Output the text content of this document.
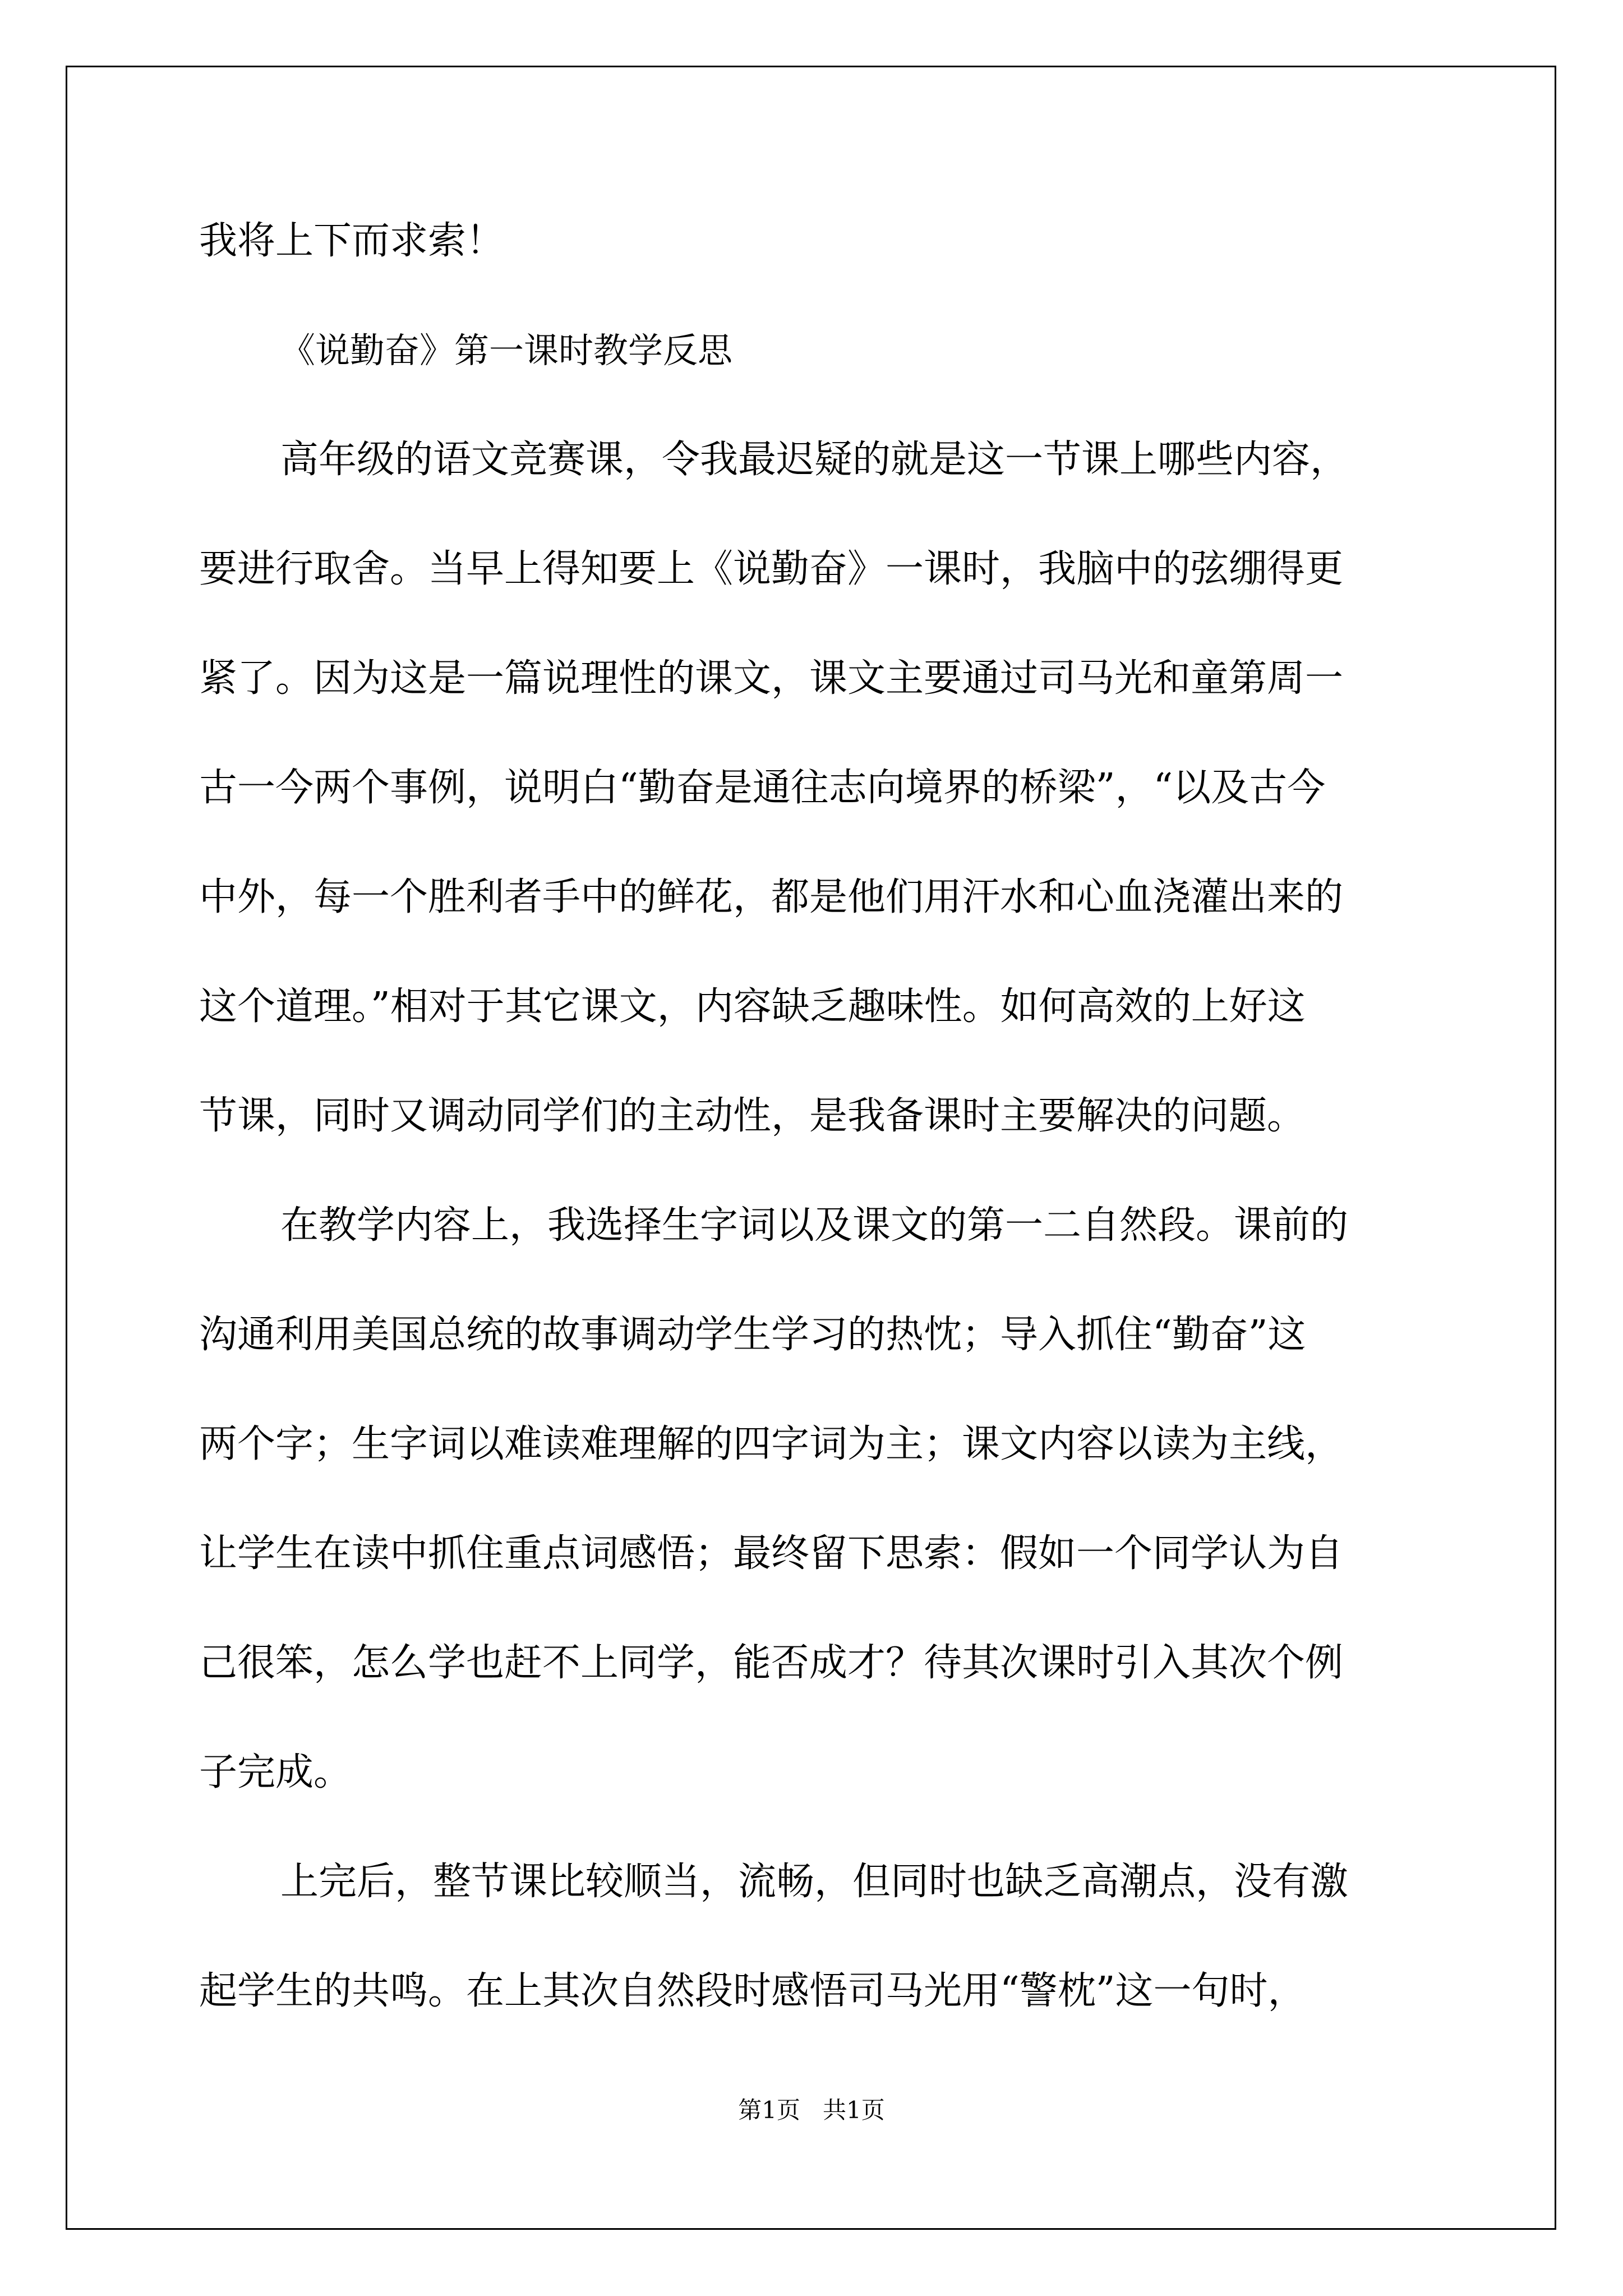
我将上下而求索！
《说勤奋》第一课时教学反思
高年级的语文竞赛课，令我最迟疑的就是这一节课上哪些内容，
要进行取舍。当早上得知要上《说勤奋》一课时，我脑中的弦绷得更
紧了。因为这是一篇说理性的课文，课文主要通过司马光和童第周一
古一今两个事例，说明白“勤奋是通往志向境界的桥梁”，“以及古今
中外，每一个胜利者手中的鲜花，都是他们用汗水和心血浇灌出来的
这个道理。”相对于其它课文，内容缺乏趣味性。如何高效的上好这
节课，同时又调动同学们的主动性，是我备课时主要解决的问题。
在教学内容上，我选择生字词以及课文的第一二自然段。课前的
沟通利用美国总统的故事调动学生学习的热忱；导入抓住“勤奋”这
两个字；生字词以难读难理解的四字词为主；课文内容以读为主线，
让学生在读中抓住重点词感悟；最终留下思索：假如一个同学认为自
己很笨，怎么学也赶不上同学，能否成才？待其次课时引入其次个例
子完成。
上完后，整节课比较顺当，流畅，但同时也缺乏高潮点，没有激
起学生的共鸣。在上其次自然段时感悟司马光用“警枕”这一句时，
第1页   共1页
